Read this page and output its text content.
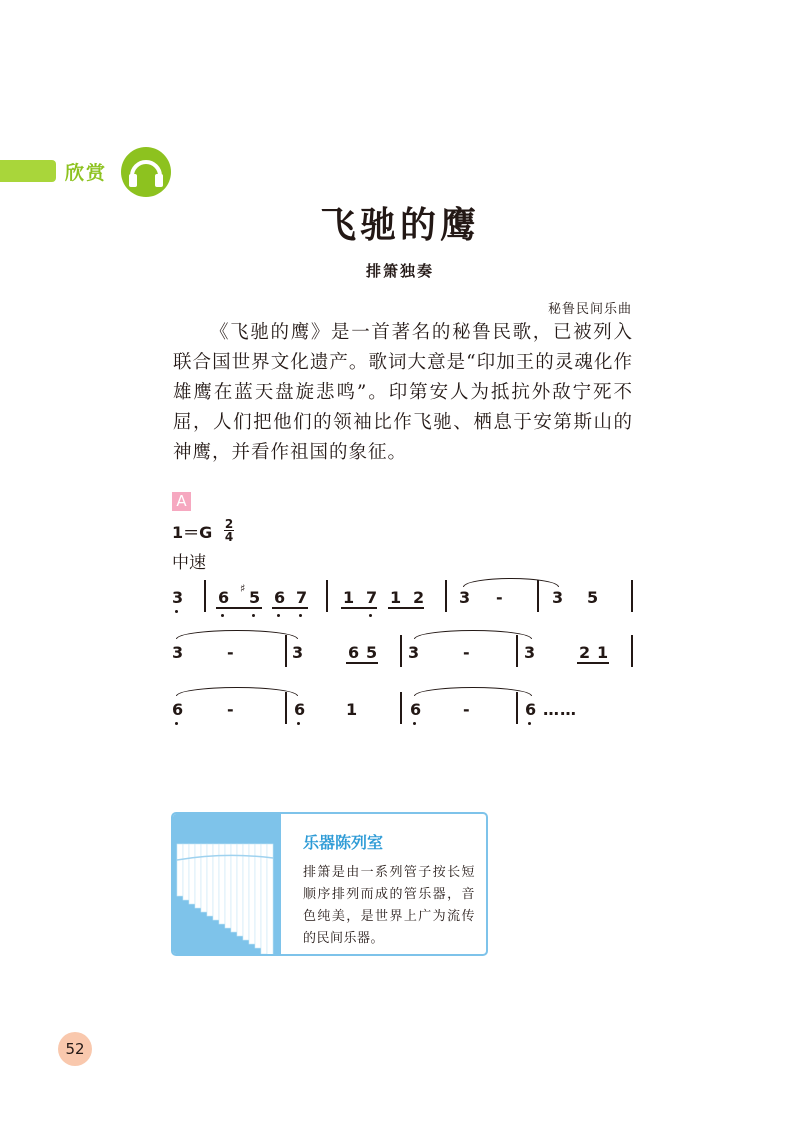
欣赏
飞驰的鹰
排箫独奏
秘鲁民间乐曲

《飞驰的鹰》是一首著名的秘鲁民歌，已被列入联合国世界文化遗产。歌词大意是“印加王的灵魂化作雄鹰在蓝天盘旋悲鸣”。印第安人为抵抗外敌宁死不屈，人们把他们的领袖比作飞驰、栖息于安第斯山的神鹰，并看作祖国的象征。

A
1＝G 2
4
中速
3 6 ♯ 5 6 7 1 7 1 2 3 -	3 5
3	-	3	6 5 3	-	3	2 1
6	-	6	1	6	-	6 ……
乐器陈列室
排箫是由一系列管子按长短顺序排列而成的管乐器，音色纯美，是世界上广为流传的民间乐器。
52
